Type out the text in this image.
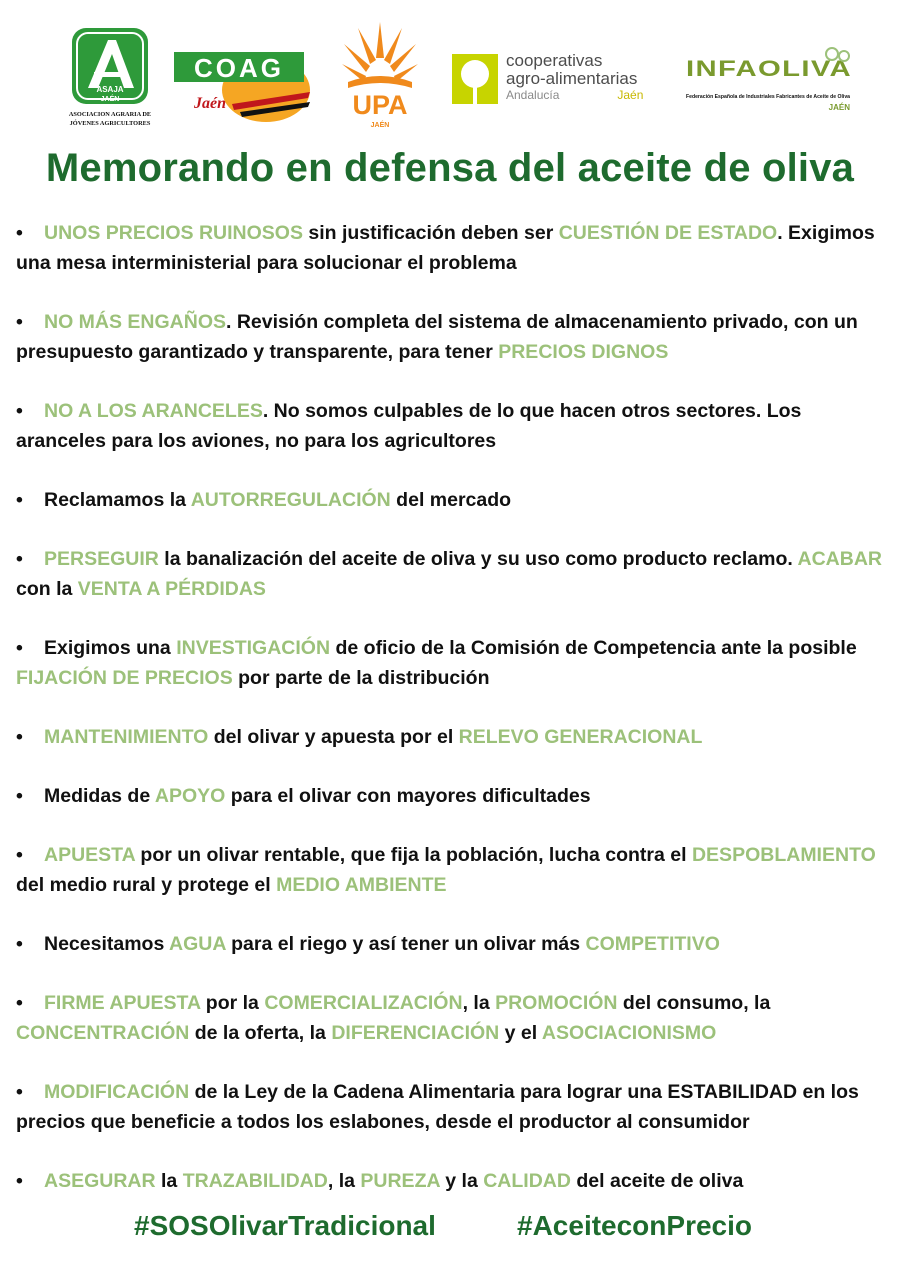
ASAJA
JAÉN
ASOCIACION AGRARIA DE
JÓVENES AGRICULTORES
COAG
Jaén	UPA
JAÉN
cooperativas
agro-alimentarias
Andalucía	Jaén
INFAOLIVA
Federación Española de Industriales Fabricantes de Aceite de Oliva
JAÉN
Memorando en defensa del aceite de oliva

• UNOS PRECIOS RUINOSOS sin justificación deben ser CUESTIÓN DE ESTADO. Exigimos una mesa interministerial para solucionar el problema

• NO MÁS ENGAÑOS. Revisión completa del sistema de almacenamiento privado, con un presupuesto garantizado y transparente, para tener PRECIOS DIGNOS

• NO A LOS ARANCELES. No somos culpables de lo que hacen otros sectores. Los aranceles para los aviones, no para los agricultores

• Reclamamos la AUTORREGULACIÓN del mercado

• PERSEGUIR la banalización del aceite de oliva y su uso como producto reclamo. ACABAR con la VENTA A PÉRDIDAS

• Exigimos una INVESTIGACIÓN de oficio de la Comisión de Competencia ante la posible FIJACIÓN DE PRECIOS por parte de la distribución

• MANTENIMIENTO del olivar y apuesta por el RELEVO GENERACIONAL

• Medidas de APOYO para el olivar con mayores dificultades

• APUESTA por un olivar rentable, que fija la población, lucha contra el DESPOBLAMIENTO del medio rural y protege el MEDIO AMBIENTE

• Necesitamos AGUA para el riego y así tener un olivar más COMPETITIVO

• FIRME APUESTA por la COMERCIALIZACIÓN, la PROMOCIÓN del consumo, la CONCENTRACIÓN de la oferta, la DIFERENCIACIÓN y el ASOCIACIONISMO

• MODIFICACIÓN de la Ley de la Cadena Alimentaria para lograr una ESTABILIDAD en los precios que beneficie a todos los eslabones, desde el productor al consumidor

• ASEGURAR la TRAZABILIDAD, la PUREZA y la CALIDAD del aceite de oliva

#SOSOlivarTradicional	#AceiteconPrecio
